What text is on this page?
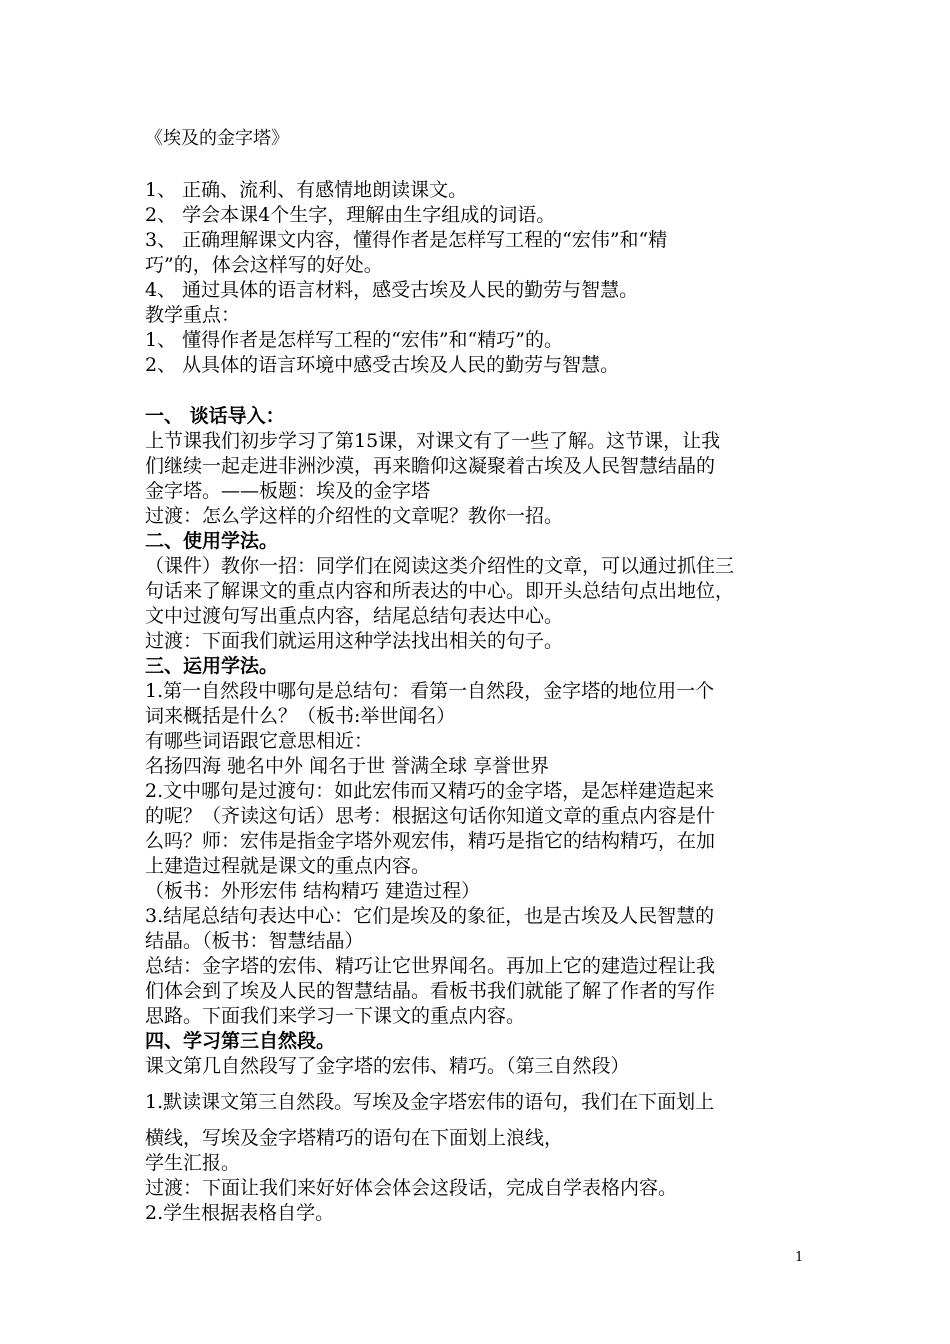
《埃及的金字塔》
1、 正确、流利、有感情地朗读课文。
2、 学会本课4个生字，理解由生字组成的词语。
3、 正确理解课文内容，懂得作者是怎样写工程的“宏伟”和“精
巧”的，体会这样写的好处。
4、 通过具体的语言材料，感受古埃及人民的勤劳与智慧。
教学重点：
1、 懂得作者是怎样写工程的“宏伟”和“精巧”的。
2、 从具体的语言环境中感受古埃及人民的勤劳与智慧。
一、 谈话导入：
上节课我们初步学习了第15课，对课文有了一些了解。这节课，让我
们继续一起走进非洲沙漠，再来瞻仰这凝聚着古埃及人民智慧结晶的
金字塔。——板题：埃及的金字塔
过渡：怎么学这样的介绍性的文章呢？教你一招。
二、使用学法。
（课件）教你一招：同学们在阅读这类介绍性的文章，可以通过抓住三
句话来了解课文的重点内容和所表达的中心。即开头总结句点出地位，
文中过渡句写出重点内容，结尾总结句表达中心。
过渡：下面我们就运用这种学法找出相关的句子。
三、运用学法。
1.第一自然段中哪句是总结句：看第一自然段，金字塔的地位用一个
词来概括是什么？（板书:举世闻名）
有哪些词语跟它意思相近：
名扬四海 驰名中外 闻名于世 誉满全球 享誉世界
2.文中哪句是过渡句：如此宏伟而又精巧的金字塔，是怎样建造起来
的呢？（齐读这句话）思考：根据这句话你知道文章的重点内容是什
么吗？师：宏伟是指金字塔外观宏伟，精巧是指它的结构精巧，在加
上建造过程就是课文的重点内容。
（板书：外形宏伟 结构精巧 建造过程）
3.结尾总结句表达中心：它们是埃及的象征，也是古埃及人民智慧的
结晶。（板书：智慧结晶）
总结：金字塔的宏伟、精巧让它世界闻名。再加上它的建造过程让我
们体会到了埃及人民的智慧结晶。看板书我们就能了解了作者的写作
思路。下面我们来学习一下课文的重点内容。
四、学习第三自然段。
课文第几自然段写了金字塔的宏伟、精巧。（第三自然段）
1.默读课文第三自然段。写埃及金字塔宏伟的语句，我们在下面划上
横线，写埃及金字塔精巧的语句在下面划上浪线，
学生汇报。
过渡：下面让我们来好好体会体会这段话，完成自学表格内容。
2.学生根据表格自学。
1
